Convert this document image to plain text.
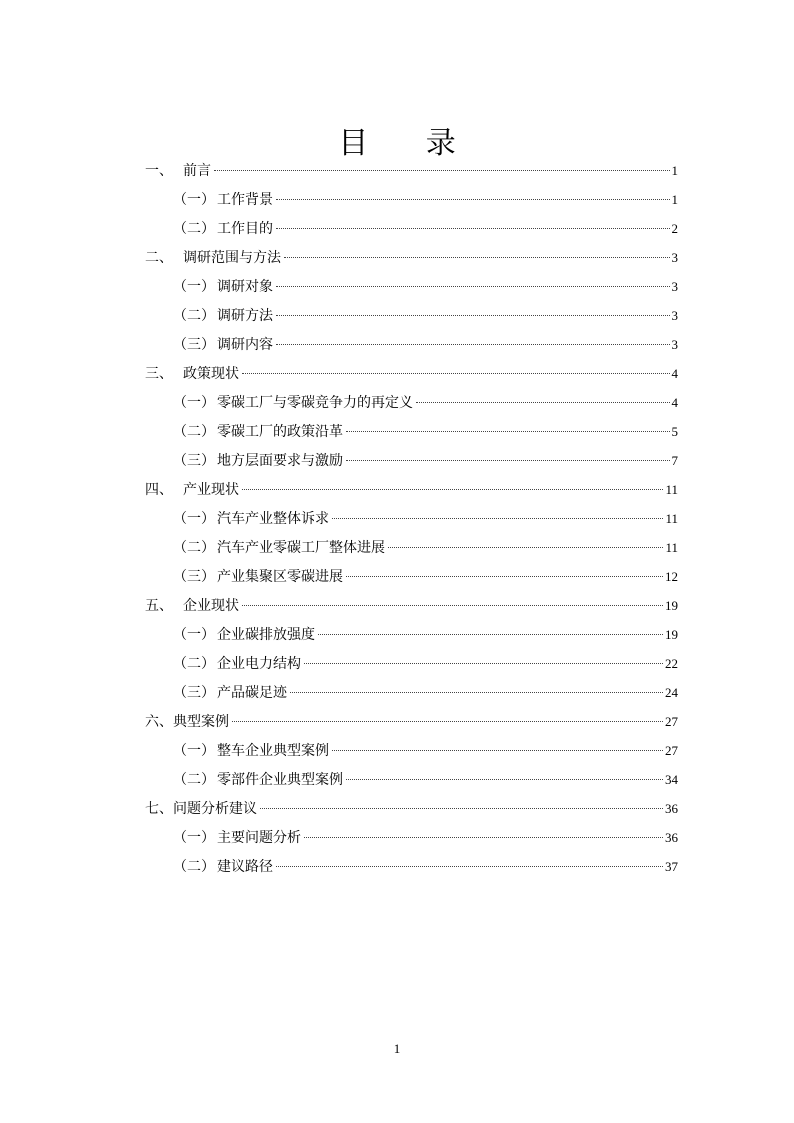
目 录
一、 前言	1
（一） 工作背景	1
（二） 工作目的	2
二、 调研范围与方法	3
（一） 调研对象	3
（二） 调研方法	3
（三） 调研内容	3
三、 政策现状	4
（一） 零碳工厂与零碳竞争力的再定义	4
（二） 零碳工厂的政策沿革	5
（三） 地方层面要求与激励	7
四、 产业现状	11
（一） 汽车产业整体诉求	11
（二） 汽车产业零碳工厂整体进展	11
（三） 产业集聚区零碳进展	12
五、 企业现状	19
（一） 企业碳排放强度	19
（二） 企业电力结构	22
（三） 产品碳足迹	24
六、 典型案例	27
（一） 整车企业典型案例	27
（二） 零部件企业典型案例	34
七、 问题分析建议	36
（一） 主要问题分析	36
（二） 建议路径	37
1
